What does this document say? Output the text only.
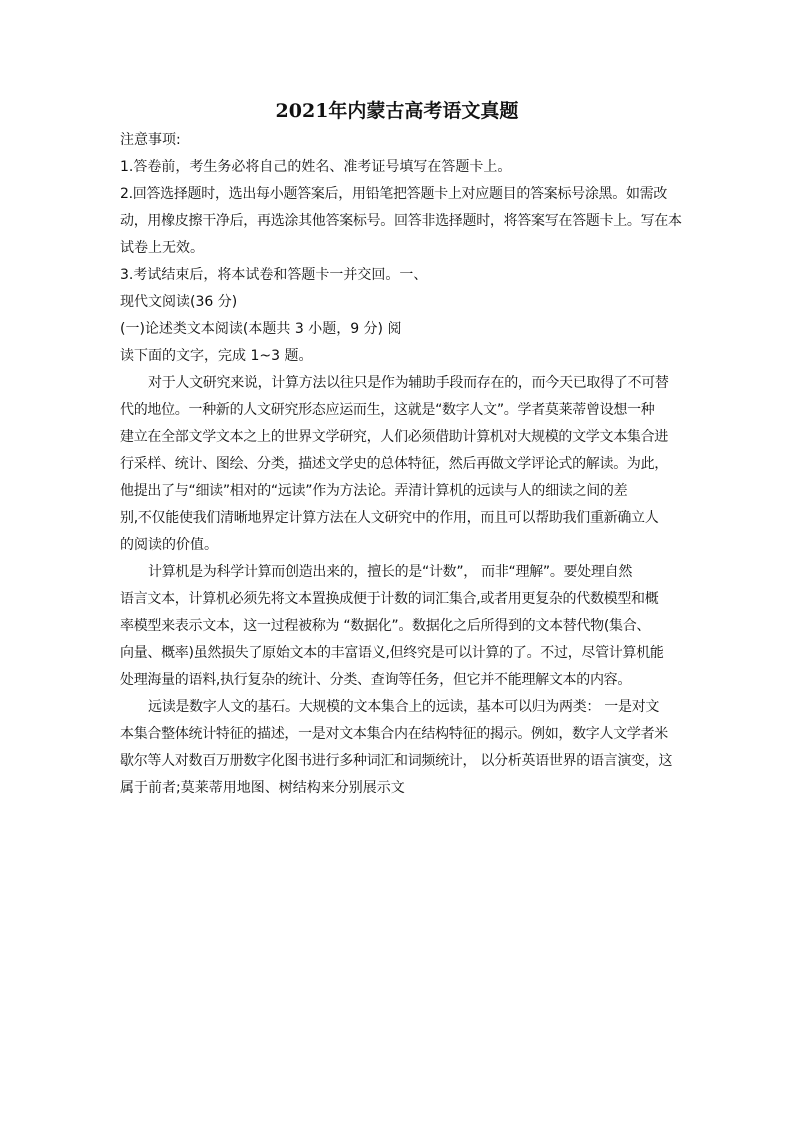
2021年内蒙古高考语文真题

注意事项:

1.答卷前，考生务必将自己的姓名、准考证号填写在答题卡上。

2.回答选择题时，选出每小题答案后，用铅笔把答题卡上对应题目的答案标号涂黑。如需改

动，用橡皮擦干净后，再选涂其他答案标号。回答非选择题时，将答案写在答题卡上。写在本

试卷上无效。

3.考试结束后，将本试卷和答题卡一并交回。一、

现代文阅读(36 分)

(一)论述类文本阅读(本题共 3 小题，9 分) 阅

读下面的文字，完成 1~3 题。

对于人文研究来说，计算方法以往只是作为辅助手段而存在的，而今天已取得了不可替

代的地位。一种新的人文研究形态应运而生，这就是“数字人文”。学者莫莱蒂曾设想一种

建立在全部文学文本之上的世界文学研究，人们必须借助计算机对大规模的文学文本集合进

行采样、统计、图绘、分类，描述文学史的总体特征，然后再做文学评论式的解读。为此，

他提出了与“细读”相对的“远读”作为方法论。弄清计算机的远读与人的细读之间的差

别,不仅能使我们清晰地界定计算方法在人文研究中的作用，而且可以帮助我们重新确立人

的阅读的价值。

计算机是为科学计算而创造出来的，擅长的是“计数”， 而非“理解”。要处理自然

语言文本，计算机必须先将文本置换成便于计数的词汇集合,或者用更复杂的代数模型和概

率模型来表示文本，这一过程被称为 “数据化”。数据化之后所得到的文本替代物(集合、

向量、概率)虽然损失了原始文本的丰富语义,但终究是可以计算的了。不过，尽管计算机能

处理海量的语料,执行复杂的统计、分类、查询等任务，但它并不能理解文本的内容。

远读是数字人文的基石。大规模的文本集合上的远读，基本可以归为两类： 一是对文

本集合整体统计特征的描述，一是对文本集合内在结构特征的揭示。例如，数字人文学者米

歇尔等人对数百万册数字化图书进行多种词汇和词频统计， 以分析英语世界的语言演变，这

属于前者;莫莱蒂用地图、树结构来分别展示文
